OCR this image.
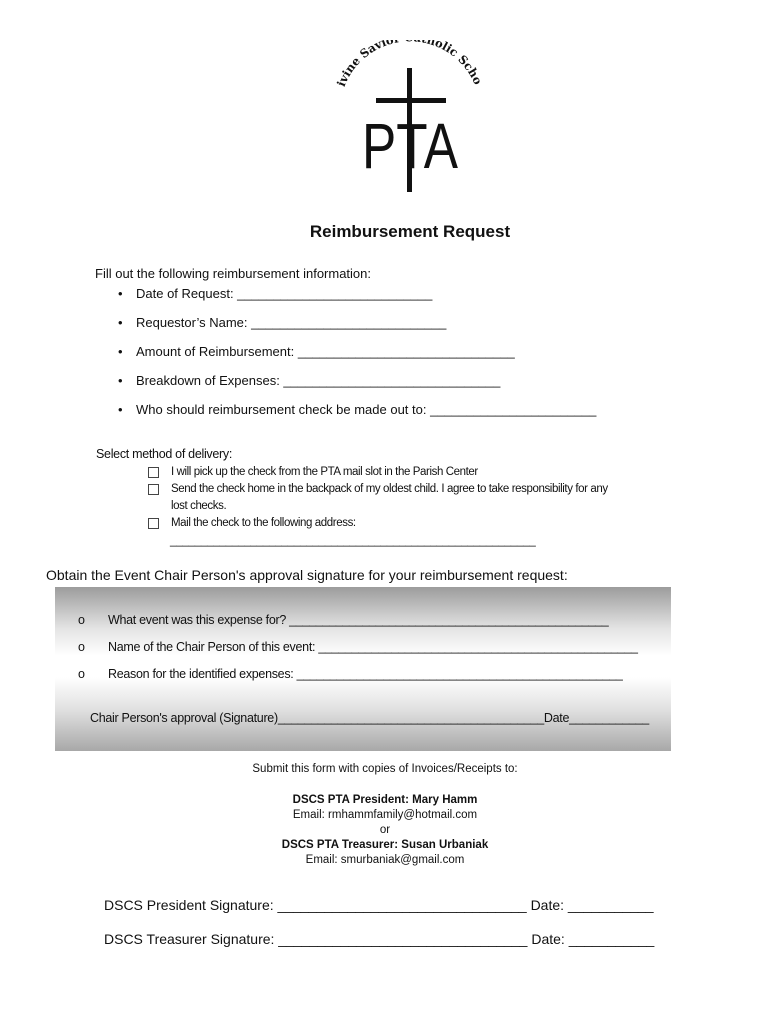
ivine Savio holic Scho
PTA
Reimbursement Request
Fill out the following reimbursement information:
•	Date of Request: ___________________________
•	Requestor’s Name: ___________________________
•	Amount of Reimbursement: ______________________________
•	Breakdown of Expenses: ______________________________
•	Who should reimbursement check be made out to: _______________________
Select method of delivery:
I will pick up the check from the PTA mail slot in the Parish Center
Send the check home in the backpack of my oldest child. I agree to take responsibility for any lost checks.
Mail the check to the following address:
___________________________________________________________
Obtain the Event Chair Person's approval signature for your reimbursement request:
o What event was this expense for? ________________________________________________
o Name of the Chair Person of this event: ________________________________________________
o Reason for the identified expenses: _________________________________________________
Chair Person's approval (Signature)________________________________________Date____________
Submit this form with copies of Invoices/Receipts to:
DSCS PTA President: Mary Hamm
Email: rmhammfamily@hotmail.com
or
DSCS PTA Treasurer: Susan Urbaniak
Email: smurbaniak@gmail.com
DSCS President Signature: ________________________________ Date: ___________
DSCS Treasurer Signature: ________________________________ Date: ___________
